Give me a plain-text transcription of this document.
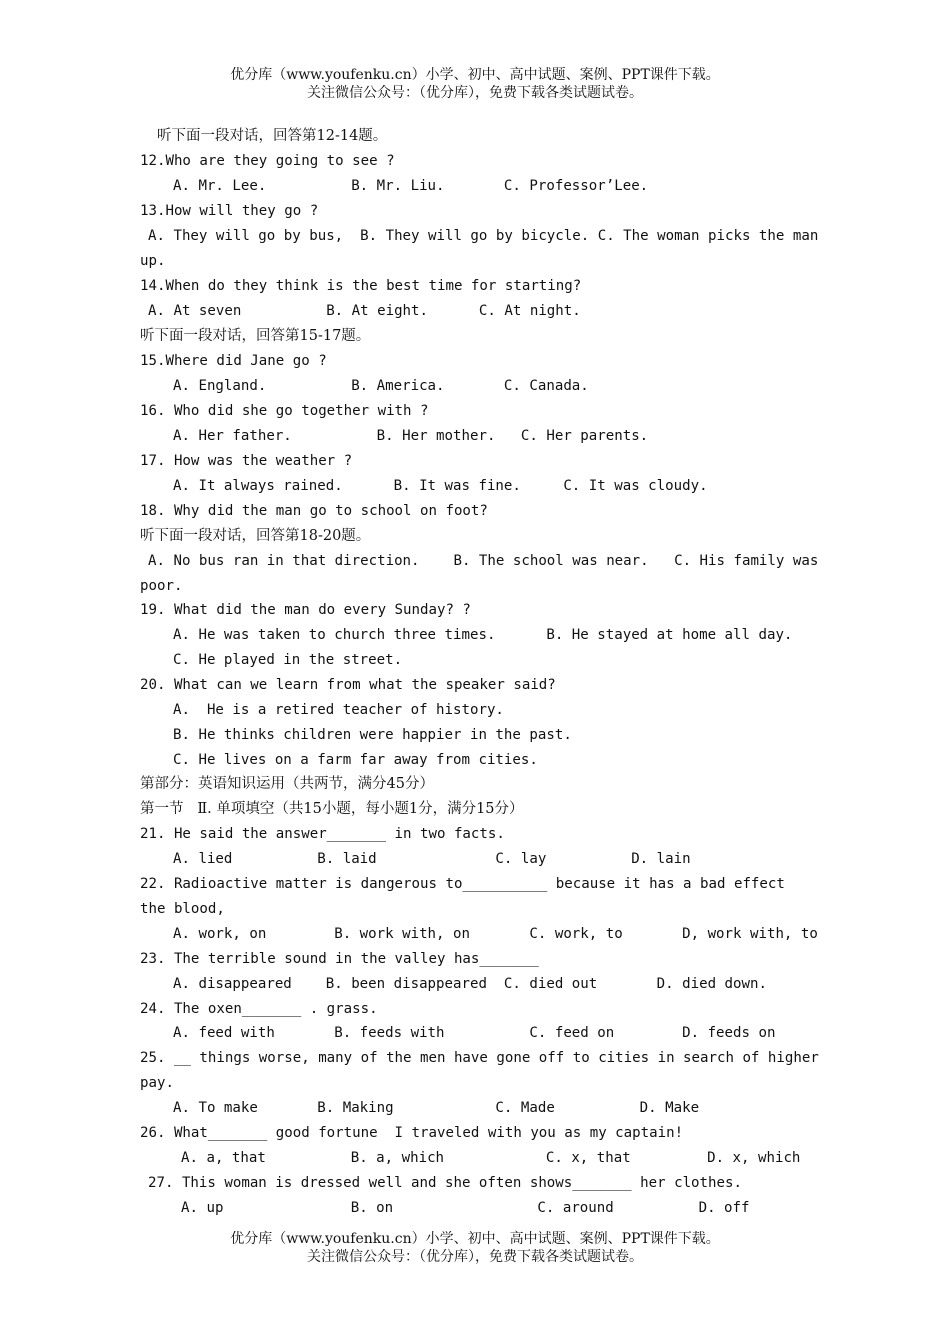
优分库（www.youfenku.cn）小学、初中、高中试题、案例、PPT课件下载。
关注微信公众号：（优分库），免费下载各类试题试卷。
听下面一段对话，回答第12-14题。
12.Who are they going to see ?
A. Mr. Lee.          B. Mr. Liu.       C. Professor’Lee.
13.How will they go ?
A. They will go by bus,  B. They will go by bicycle. C. The woman picks the man
up.
14.When do they think is the best time for starting?
A. At seven          B. At eight.      C. At night.
听下面一段对话，回答第15-17题。
15.Where did Jane go ?
A. England.          B. America.       C. Canada.
16. Who did she go together with ?
A. Her father.          B. Her mother.   C. Her parents.
17. How was the weather ?
A. It always rained.      B. It was fine.     C. It was cloudy.
18. Why did the man go to school on foot?
听下面一段对话，回答第18-20题。
A. No bus ran in that direction.    B. The school was near.   C. His family was
poor.
19. What did the man do every Sunday? ?
A. He was taken to church three times.      B. He stayed at home all day.
C. He played in the street.
20. What can we learn from what the speaker said?
A.  He is a retired teacher of history.
B. He thinks children were happier in the past.
C. He lives on a farm far away from cities.
第部分：英语知识运用（共两节，满分45分）
第一节   Ⅱ. 单项填空（共15小题，每小题1分，满分15分）
21. He said the answer_______ in two facts.
A. lied          B. laid              C. lay          D. lain
22. Radioactive matter is dangerous to__________ because it has a bad effect
the blood,
A. work, on        B. work with, on       C. work, to       D, work with, to
23. The terrible sound in the valley has_______
A. disappeared    B. been disappeared  C. died out       D. died down.
24. The oxen_______ . grass.
A. feed with       B. feeds with          C. feed on        D. feeds on
25. __ things worse, many of the men have gone off to cities in search of higher
pay.
A. To make       B. Making            C. Made          D. Make
26. What_______ good fortune  I traveled with you as my captain!
A. a, that          B. a, which            C. x, that         D. x, which
27. This woman is dressed well and she often shows_______ her clothes.
A. up               B. on                 C. around          D. off
优分库（www.youfenku.cn）小学、初中、高中试题、案例、PPT课件下载。
关注微信公众号：（优分库），免费下载各类试题试卷。
